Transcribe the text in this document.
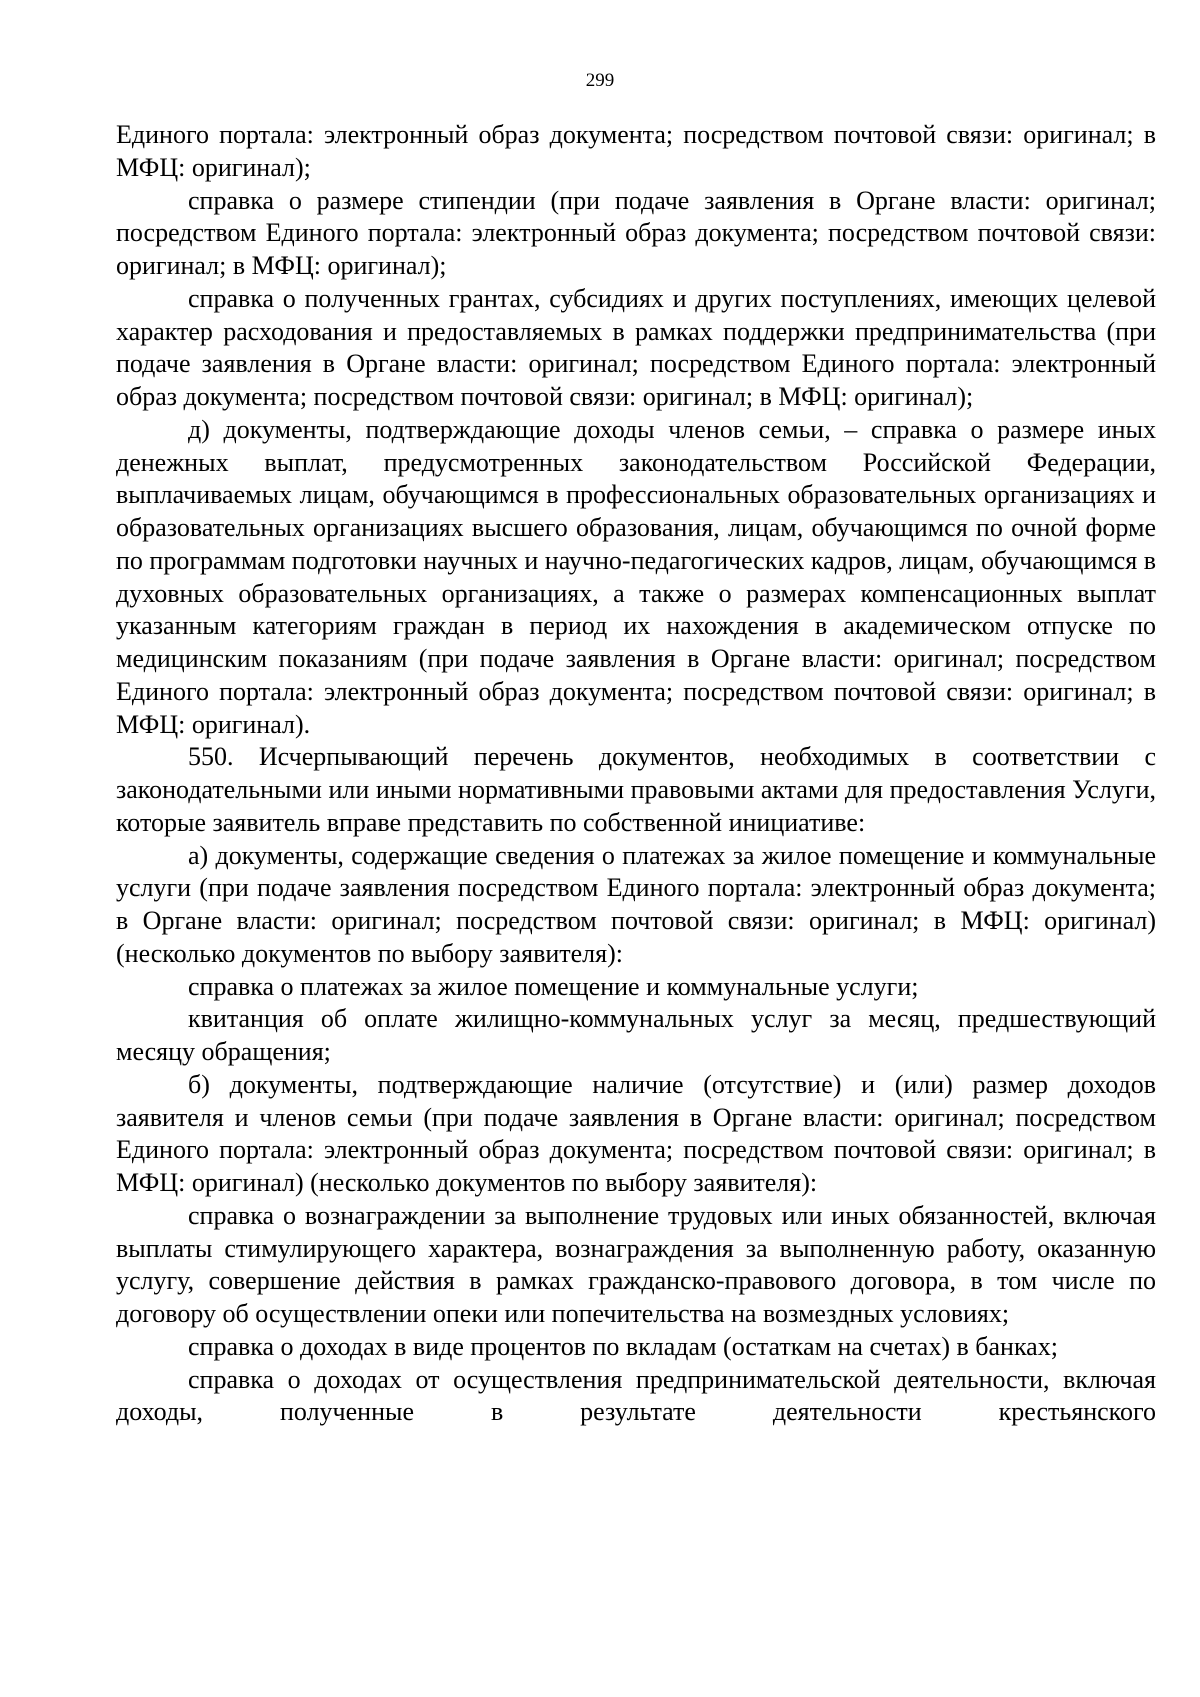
299

Единого портала: электронный образ документа; посредством почтовой связи: оригинал; в МФЦ: оригинал);

справка о размере стипендии (при подаче заявления в Органе власти: оригинал; посредством Единого портала: электронный образ документа; посредством почтовой связи: оригинал; в МФЦ: оригинал);

справка о полученных грантах, субсидиях и других поступлениях, имеющих целевой характер расходования и предоставляемых в рамках поддержки предпринимательства (при подаче заявления в Органе власти: оригинал; посредством Единого портала: электронный образ документа; посредством почтовой связи: оригинал; в МФЦ: оригинал);

д) документы, подтверждающие доходы членов семьи, – справка о размере иных денежных выплат, предусмотренных законодательством Российской Федерации, выплачиваемых лицам, обучающимся в профессиональных образовательных организациях и образовательных организациях высшего образования, лицам, обучающимся по очной форме по программам подготовки научных и научно-педагогических кадров, лицам, обучающимся в духовных образовательных организациях, а также о размерах компенсационных выплат указанным категориям граждан в период их нахождения в академическом отпуске по медицинским показаниям (при подаче заявления в Органе власти: оригинал; посредством Единого портала: электронный образ документа; посредством почтовой связи: оригинал; в МФЦ: оригинал).

550. Исчерпывающий перечень документов, необходимых в соответствии с законодательными или иными нормативными правовыми актами для предоставления Услуги, которые заявитель вправе представить по собственной инициативе:

а) документы, содержащие сведения о платежах за жилое помещение и коммунальные услуги (при подаче заявления посредством Единого портала: электронный образ документа; в Органе власти: оригинал; посредством почтовой связи: оригинал; в МФЦ: оригинал) (несколько документов по выбору заявителя):

справка о платежах за жилое помещение и коммунальные услуги;

квитанция об оплате жилищно-коммунальных услуг за месяц, предшествующий месяцу обращения;

б) документы, подтверждающие наличие (отсутствие) и (или) размер доходов заявителя и членов семьи (при подаче заявления в Органе власти: оригинал; посредством Единого портала: электронный образ документа; посредством почтовой связи: оригинал; в МФЦ: оригинал) (несколько документов по выбору заявителя):

справка о вознаграждении за выполнение трудовых или иных обязанностей, включая выплаты стимулирующего характера, вознаграждения за выполненную работу, оказанную услугу, совершение действия в рамках гражданско-правового договора, в том числе по договору об осуществлении опеки или попечительства на возмездных условиях;

справка о доходах в виде процентов по вкладам (остаткам на счетах) в банках;

справка о доходах от осуществления предпринимательской деятельности, включая доходы, полученные в результате деятельности крестьянского
